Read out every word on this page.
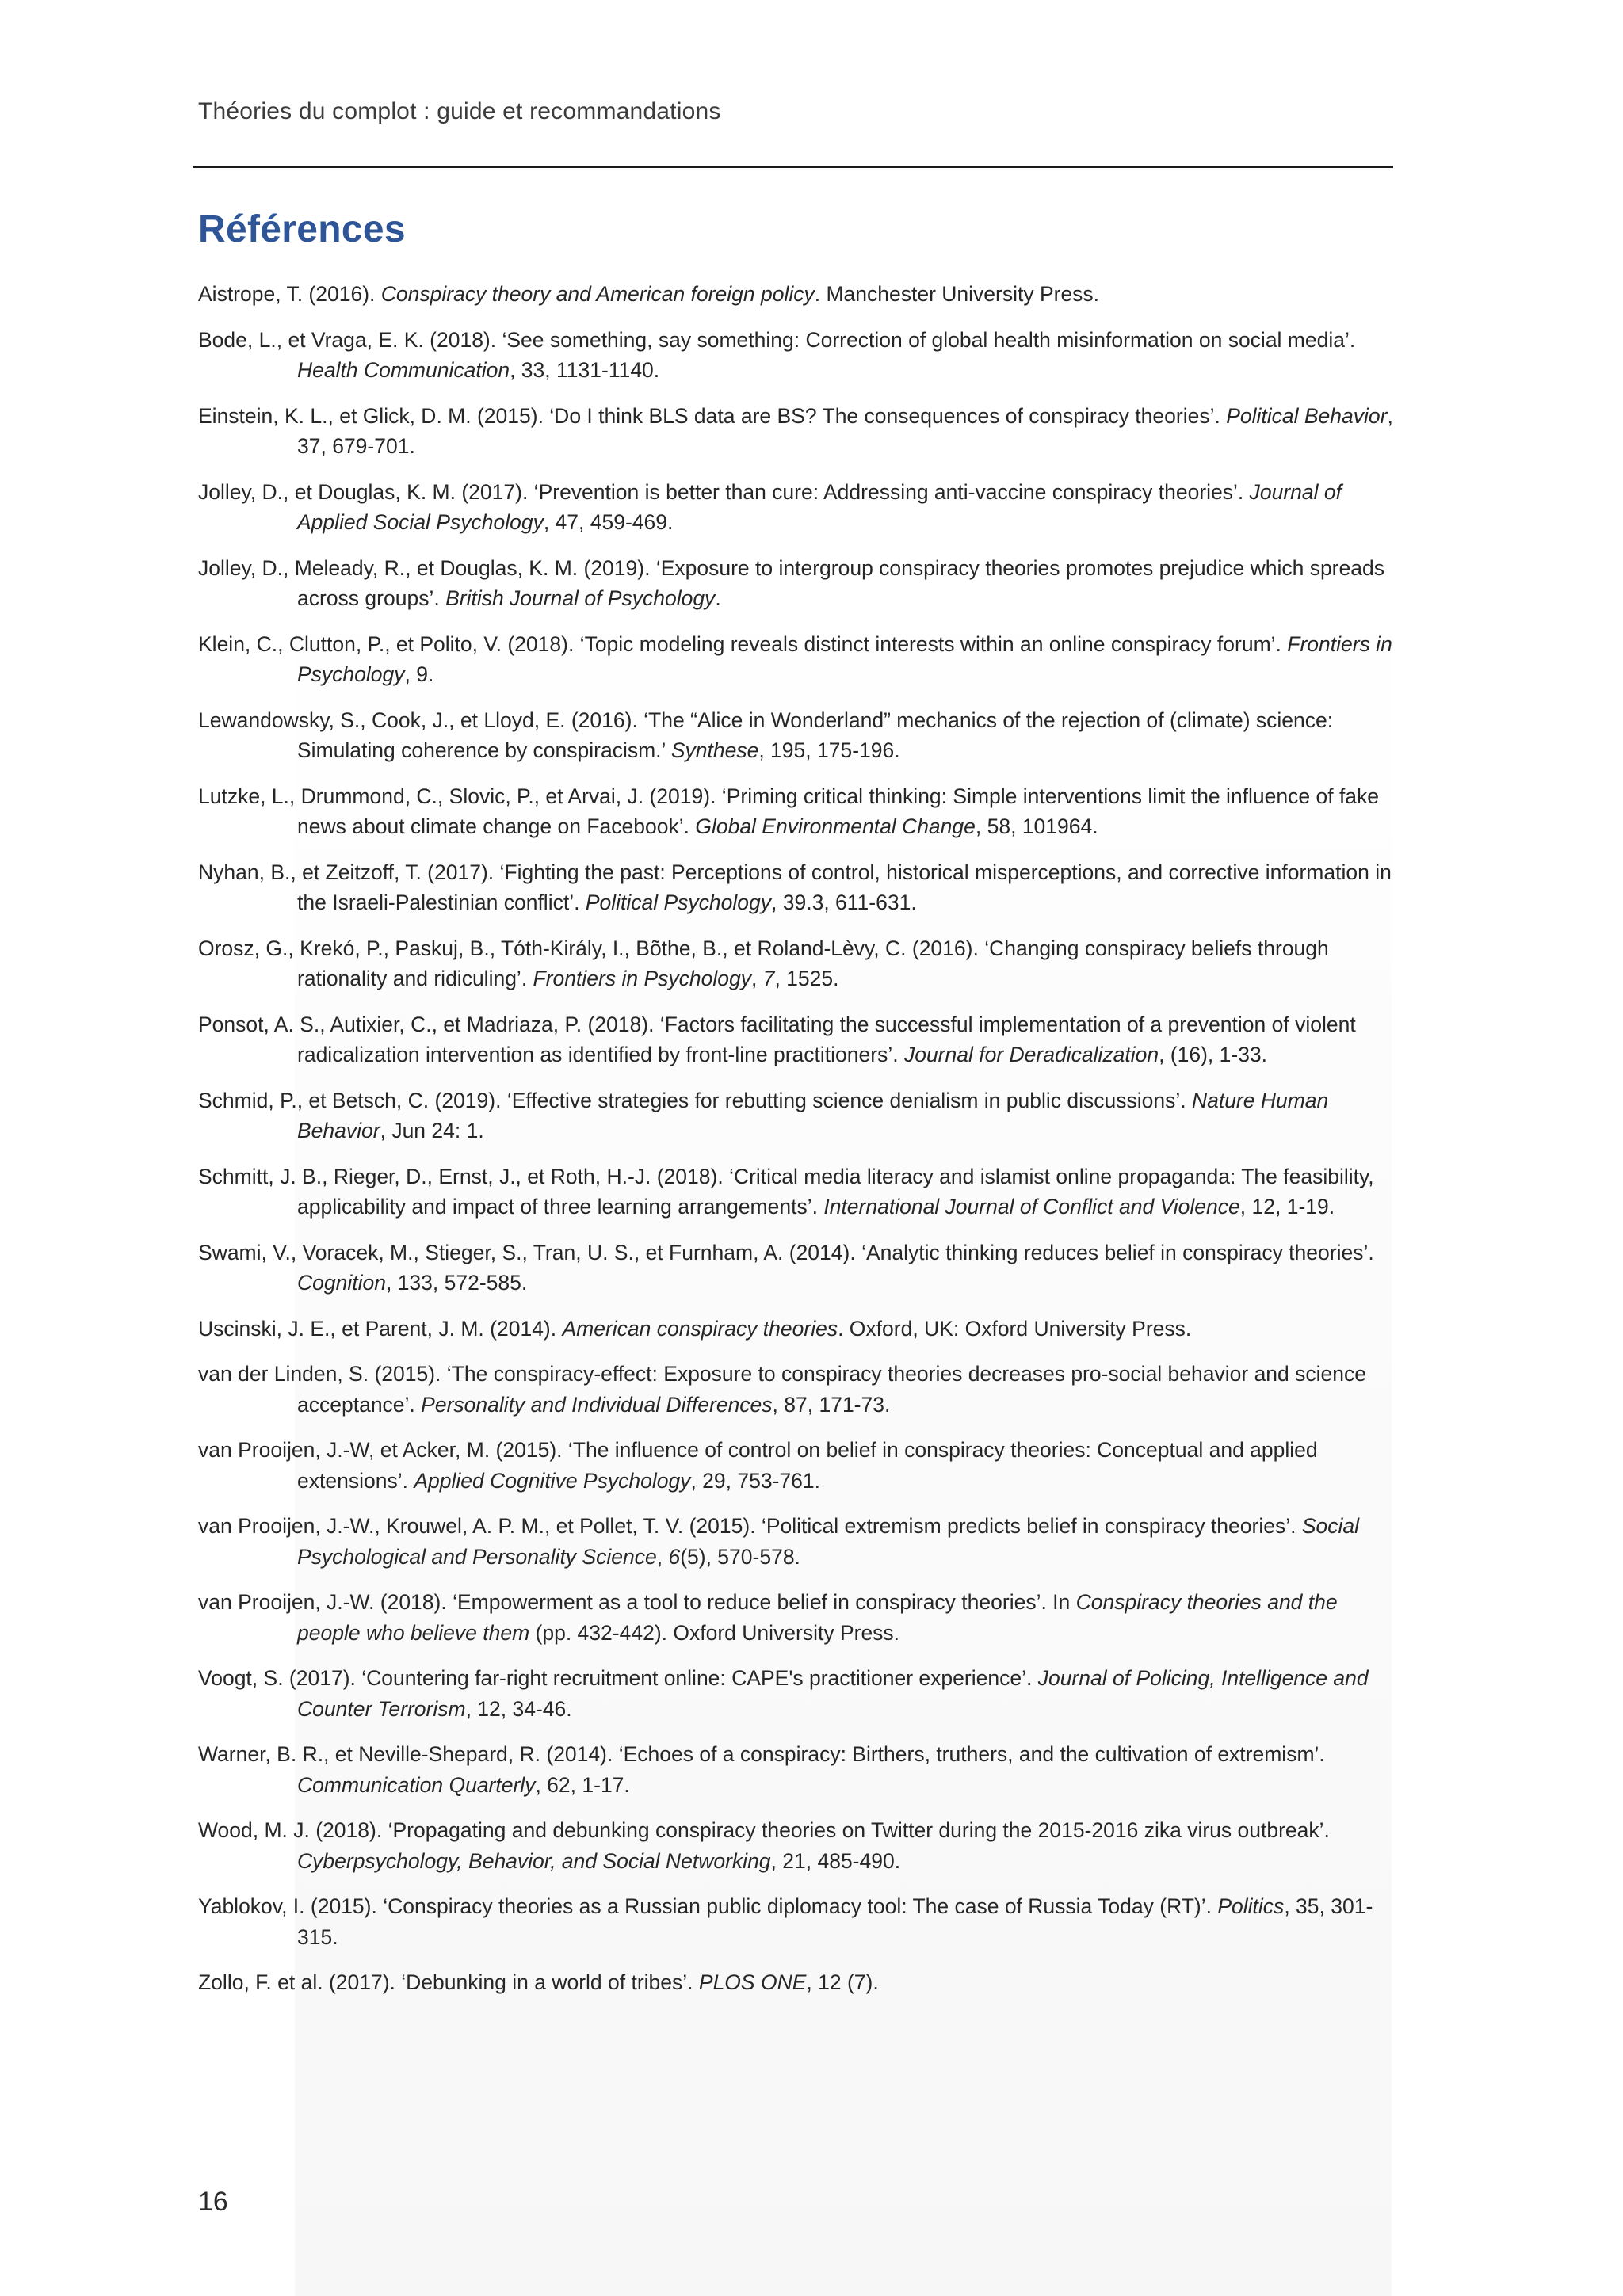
Théories du complot : guide et recommandations
Références
Aistrope, T. (2016). Conspiracy theory and American foreign policy. Manchester University Press.
Bode, L., et Vraga, E. K. (2018). ‘See something, say something: Correction of global health misinformation on social media’. Health Communication, 33, 1131-1140.
Einstein, K. L., et Glick, D. M. (2015). ‘Do I think BLS data are BS? The consequences of conspiracy theories’. Political Behavior, 37, 679-701.
Jolley, D., et Douglas, K. M. (2017). ‘Prevention is better than cure: Addressing anti-vaccine conspiracy theories’. Journal of Applied Social Psychology, 47, 459-469.
Jolley, D., Meleady, R., et Douglas, K. M. (2019). ‘Exposure to intergroup conspiracy theories promotes prejudice which spreads across groups’. British Journal of Psychology.
Klein, C., Clutton, P., et Polito, V. (2018). ‘Topic modeling reveals distinct interests within an online conspiracy forum’. Frontiers in Psychology, 9.
Lewandowsky, S., Cook, J., et Lloyd, E. (2016). ‘The “Alice in Wonderland” mechanics of the rejection of (climate) science: Simulating coherence by conspiracism.’ Synthese, 195, 175-196.
Lutzke, L., Drummond, C., Slovic, P., et Arvai, J. (2019). ‘Priming critical thinking: Simple interventions limit the influence of fake news about climate change on Facebook’. Global Environmental Change, 58, 101964.
Nyhan, B., et Zeitzoff, T. (2017). ‘Fighting the past: Perceptions of control, historical misperceptions, and corrective information in the Israeli-Palestinian conflict’. Political Psychology, 39.3, 611-631.
Orosz, G., Krekó, P., Paskuj, B., Tóth-Király, I., Bõthe, B., et Roland-Lèvy, C. (2016). ‘Changing conspiracy beliefs through rationality and ridiculing’. Frontiers in Psychology, 7, 1525.
Ponsot, A. S., Autixier, C., et Madriaza, P. (2018). ‘Factors facilitating the successful implementation of a prevention of violent radicalization intervention as identified by front-line practitioners’. Journal for Deradicalization, (16), 1-33.
Schmid, P., et Betsch, C. (2019). ‘Effective strategies for rebutting science denialism in public discussions’. Nature Human Behavior, Jun 24: 1.
Schmitt, J. B., Rieger, D., Ernst, J., et Roth, H.-J. (2018). ‘Critical media literacy and islamist online propaganda: The feasibility, applicability and impact of three learning arrangements’. International Journal of Conflict and Violence, 12, 1-19.
Swami, V., Voracek, M., Stieger, S., Tran, U. S., et Furnham, A. (2014). ‘Analytic thinking reduces belief in conspiracy theories’. Cognition, 133, 572-585.
Uscinski, J. E., et Parent, J. M. (2014). American conspiracy theories. Oxford, UK: Oxford University Press.
van der Linden, S. (2015). ‘The conspiracy-effect: Exposure to conspiracy theories decreases pro-social behavior and science acceptance’. Personality and Individual Differences, 87, 171-73.
van Prooijen, J.-W, et Acker, M. (2015). ‘The influence of control on belief in conspiracy theories: Conceptual and applied extensions’. Applied Cognitive Psychology, 29, 753-761.
van Prooijen, J.-W., Krouwel, A. P. M., et Pollet, T. V. (2015). ‘Political extremism predicts belief in conspiracy theories’. Social Psychological and Personality Science, 6(5), 570-578.
van Prooijen, J.-W. (2018). ‘Empowerment as a tool to reduce belief in conspiracy theories’. In Conspiracy theories and the people who believe them (pp. 432-442). Oxford University Press.
Voogt, S. (2017). ‘Countering far-right recruitment online: CAPE's practitioner experience’. Journal of Policing, Intelligence and Counter Terrorism, 12, 34-46.
Warner, B. R., et Neville-Shepard, R. (2014). ‘Echoes of a conspiracy: Birthers, truthers, and the cultivation of extremism’. Communication Quarterly, 62, 1-17.
Wood, M. J. (2018). ‘Propagating and debunking conspiracy theories on Twitter during the 2015-2016 zika virus outbreak’. Cyberpsychology, Behavior, and Social Networking, 21, 485-490.
Yablokov, I. (2015). ‘Conspiracy theories as a Russian public diplomacy tool: The case of Russia Today (RT)’. Politics, 35, 301-315.
Zollo, F. et al. (2017). ‘Debunking in a world of tribes’. PLOS ONE, 12 (7).
16
